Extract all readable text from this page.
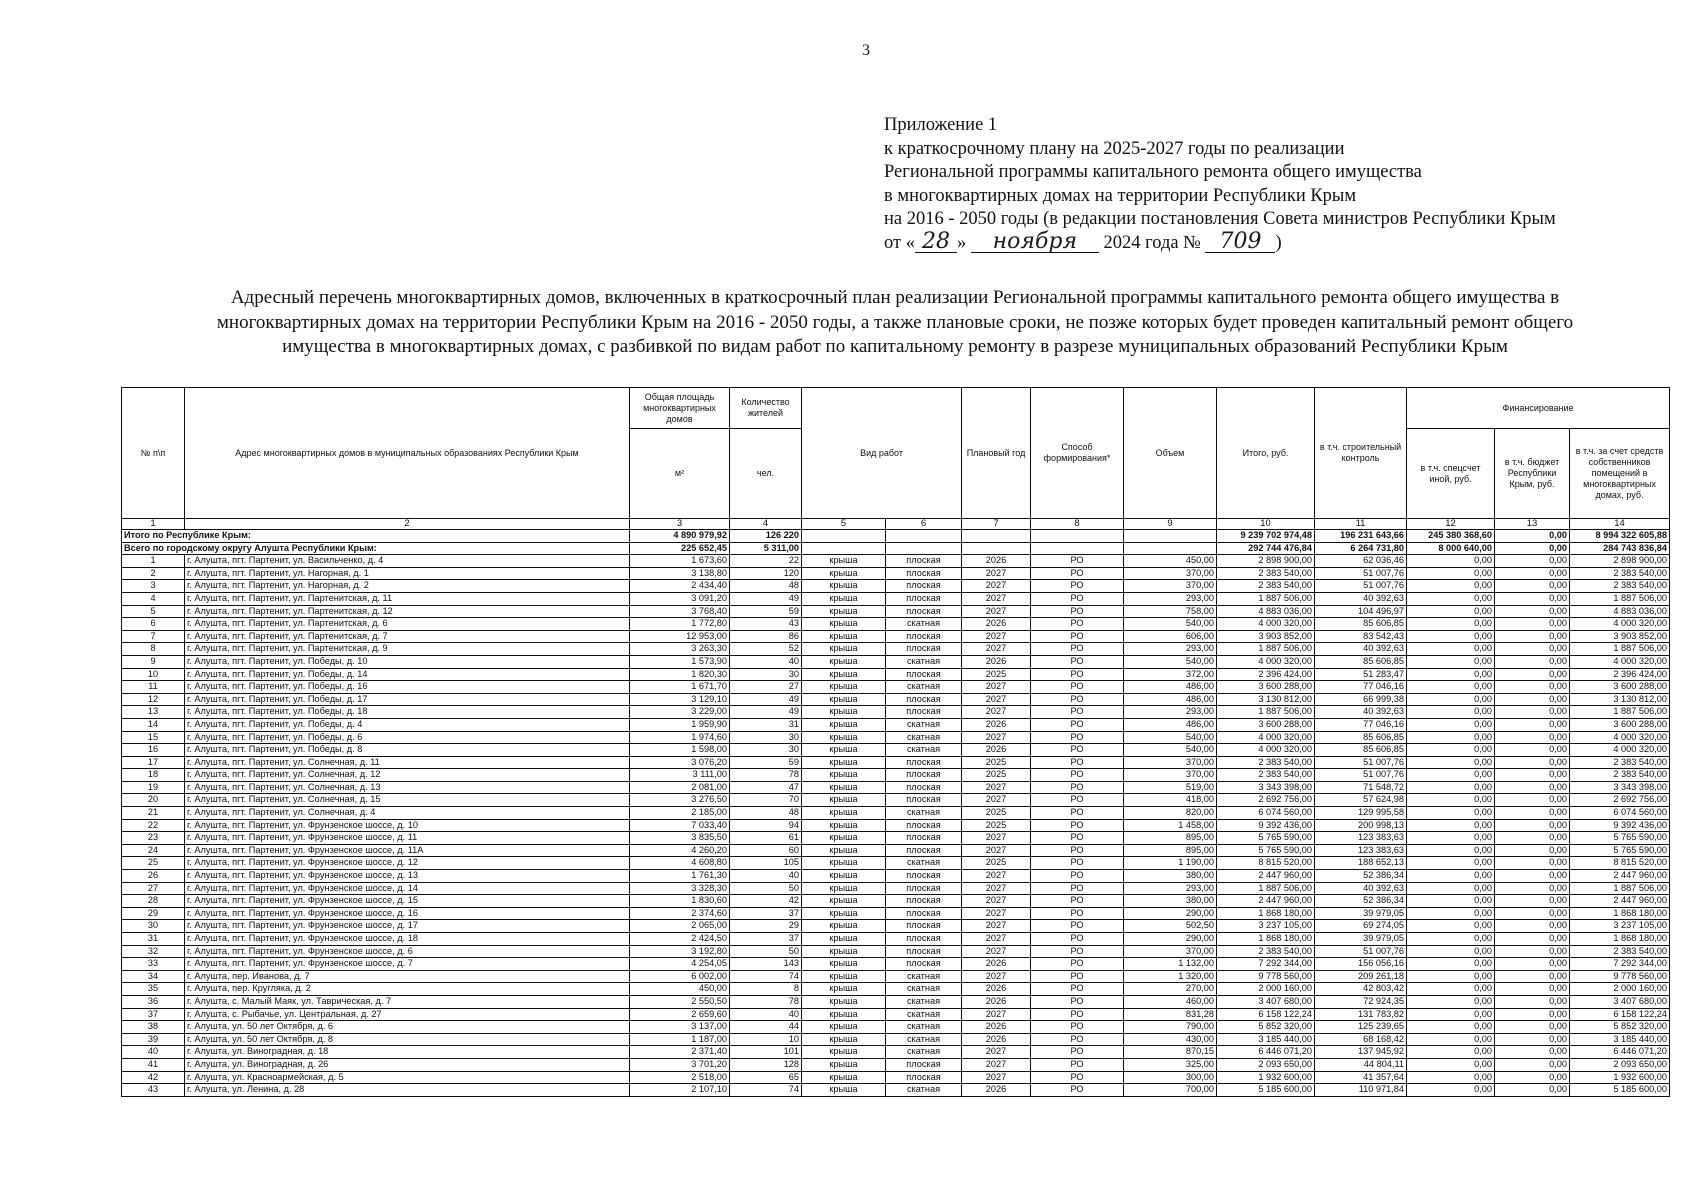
3
Приложение 1
к краткосрочному плану на 2025-2027 годы по реализации
Региональной программы капитального ремонта общего имущества
в многоквартирных домах на территории Республики Крым
на 2016 - 2050 годы (в редакции постановления Совета министров Республики Крым
от « 28 » ноября 2024 года № 709 )
Адресный перечень многоквартирных домов, включенных в краткосрочный план реализации Региональной программы капитального ремонта общего имущества в
многоквартирных домах на территории Республики Крым на 2016 - 2050 годы, а также плановые сроки, не позже которых будет проведен капитальный ремонт общего
имущества в многоквартирных домах, с разбивкой по видам работ по капитальному ремонту в разрезе муниципальных образований Республики Крым
№ п\п	Адрес многоквартирных домов в муниципальных образованиях Республики Крым	Общая площадь многоквартирных домов	Количество жителей	Вид работ		Плановый год	Способ формирования*	Объем	Итого, руб.	в т.ч. строительный контроль	Финансирование		
		м²	чел.								в т.ч. спецсчет иной, руб.	в т.ч. бюджет Республики Крым, руб.	в т.ч. за счет средств собственников помещений в многоквартирных домах, руб.
1	2	3	4	5	6	7	8	9	10	11	12	13	14
Итого по Республике Крым:		4 890 979,92	126 220						9 239 702 974,48	196 231 643,66	245 380 368,60	0,00	8 994 322 605,88
Всего по городскому округу Алушта Республики Крым:		225 652,45	5 311,00						292 744 476,84	6 264 731,80	8 000 640,00	0,00	284 743 836,84
1	г. Алушта, пгт. Партенит, ул. Васильченко, д. 4	1 673,60	22	крыша	плоская	2026	РО	450,00	2 898 900,00	62 036,46	0,00	0,00	2 898 900,00
2	г. Алушта, пгт. Партенит, ул. Нагорная, д. 1	3 138,80	120	крыша	плоская	2027	РО	370,00	2 383 540,00	51 007,76	0,00	0,00	2 383 540,00
3	г. Алушта, пгт. Партенит, ул. Нагорная, д. 2	2 434,40	48	крыша	плоская	2027	РО	370,00	2 383 540,00	51 007,76	0,00	0,00	2 383 540,00
4	г. Алушта, пгт. Партенит, ул. Партенитская, д. 11	3 091,20	49	крыша	плоская	2027	РО	293,00	1 887 506,00	40 392,63	0,00	0,00	1 887 506,00
5	г. Алушта, пгт. Партенит, ул. Партенитская, д. 12	3 768,40	59	крыша	плоская	2027	РО	758,00	4 883 036,00	104 496,97	0,00	0,00	4 883 036,00
6	г. Алушта, пгт. Партенит, ул. Партенитская, д. 6	1 772,80	43	крыша	скатная	2026	РО	540,00	4 000 320,00	85 606,85	0,00	0,00	4 000 320,00
7	г. Алушта, пгт. Партенит, ул. Партенитская, д. 7	12 953,00	86	крыша	плоская	2027	РО	606,00	3 903 852,00	83 542,43	0,00	0,00	3 903 852,00
8	г. Алушта, пгт. Партенит, ул. Партенитская, д. 9	3 263,30	52	крыша	плоская	2027	РО	293,00	1 887 506,00	40 392,63	0,00	0,00	1 887 506,00
9	г. Алушта, пгт. Партенит, ул. Победы, д. 10	1 573,90	40	крыша	скатная	2026	РО	540,00	4 000 320,00	85 606,85	0,00	0,00	4 000 320,00
10	г. Алушта, пгт. Партенит, ул. Победы, д. 14	1 820,30	30	крыша	плоская	2025	РО	372,00	2 396 424,00	51 283,47	0,00	0,00	2 396 424,00
11	г. Алушта, пгт. Партенит, ул. Победы, д. 16	1 671,70	27	крыша	скатная	2027	РО	486,00	3 600 288,00	77 046,16	0,00	0,00	3 600 288,00
12	г. Алушта, пгт. Партенит, ул. Победы, д. 17	3 129,10	49	крыша	плоская	2027	РО	486,00	3 130 812,00	66 999,38	0,00	0,00	3 130 812,00
13	г. Алушта, пгт. Партенит, ул. Победы, д. 18	3 229,00	49	крыша	плоская	2027	РО	293,00	1 887 506,00	40 392,63	0,00	0,00	1 887 506,00
14	г. Алушта, пгт. Партенит, ул. Победы, д. 4	1 959,90	31	крыша	скатная	2026	РО	486,00	3 600 288,00	77 046,16	0,00	0,00	3 600 288,00
15	г. Алушта, пгт. Партенит, ул. Победы, д. 6	1 974,60	30	крыша	скатная	2027	РО	540,00	4 000 320,00	85 606,85	0,00	0,00	4 000 320,00
16	г. Алушта, пгт. Партенит, ул. Победы, д. 8	1 598,00	30	крыша	скатная	2026	РО	540,00	4 000 320,00	85 606,85	0,00	0,00	4 000 320,00
17	г. Алушта, пгт. Партенит, ул. Солнечная, д. 11	3 076,20	59	крыша	плоская	2025	РО	370,00	2 383 540,00	51 007,76	0,00	0,00	2 383 540,00
18	г. Алушта, пгт. Партенит, ул. Солнечная, д. 12	3 111,00	78	крыша	плоская	2025	РО	370,00	2 383 540,00	51 007,76	0,00	0,00	2 383 540,00
19	г. Алушта, пгт. Партенит, ул. Солнечная, д. 13	2 081,00	47	крыша	плоская	2027	РО	519,00	3 343 398,00	71 548,72	0,00	0,00	3 343 398,00
20	г. Алушта, пгт. Партенит, ул. Солнечная, д. 15	3 276,50	70	крыша	плоская	2027	РО	418,00	2 692 756,00	57 624,98	0,00	0,00	2 692 756,00
21	г. Алушта, пгт. Партенит, ул. Солнечная, д. 4	2 185,00	48	крыша	скатная	2025	РО	820,00	6 074 560,00	129 995,58	0,00	0,00	6 074 560,00
22	г. Алушта, пгт. Партенит, ул. Фрунзенское шоссе, д. 10	7 033,40	94	крыша	плоская	2025	РО	1 458,00	9 392 436,00	200 998,13	0,00	0,00	9 392 436,00
23	г. Алушта, пгт. Партенит, ул. Фрунзенское шоссе, д. 11	3 835,50	61	крыша	плоская	2027	РО	895,00	5 765 590,00	123 383,63	0,00	0,00	5 765 590,00
24	г. Алушта, пгт. Партенит, ул. Фрунзенское шоссе, д. 11А	4 260,20	60	крыша	плоская	2027	РО	895,00	5 765 590,00	123 383,63	0,00	0,00	5 765 590,00
25	г. Алушта, пгт. Партенит, ул. Фрунзенское шоссе, д. 12	4 608,80	105	крыша	скатная	2025	РО	1 190,00	8 815 520,00	188 652,13	0,00	0,00	8 815 520,00
26	г. Алушта, пгт. Партенит, ул. Фрунзенское шоссе, д. 13	1 761,30	40	крыша	плоская	2027	РО	380,00	2 447 960,00	52 386,34	0,00	0,00	2 447 960,00
27	г. Алушта, пгт. Партенит, ул. Фрунзенское шоссе, д. 14	3 328,30	50	крыша	плоская	2027	РО	293,00	1 887 506,00	40 392,63	0,00	0,00	1 887 506,00
28	г. Алушта, пгт. Партенит, ул. Фрунзенское шоссе, д. 15	1 830,60	42	крыша	плоская	2027	РО	380,00	2 447 960,00	52 386,34	0,00	0,00	2 447 960,00
29	г. Алушта, пгт. Партенит, ул. Фрунзенское шоссе, д. 16	2 374,60	37	крыша	плоская	2027	РО	290,00	1 868 180,00	39 979,05	0,00	0,00	1 868 180,00
30	г. Алушта, пгт. Партенит, ул. Фрунзенское шоссе, д. 17	2 065,00	29	крыша	плоская	2027	РО	502,50	3 237 105,00	69 274,05	0,00	0,00	3 237 105,00
31	г. Алушта, пгт. Партенит, ул. Фрунзенское шоссе, д. 18	2 424,50	37	крыша	плоская	2027	РО	290,00	1 868 180,00	39 979,05	0,00	0,00	1 868 180,00
32	г. Алушта, пгт. Партенит, ул. Фрунзенское шоссе, д. 6	3 192,80	50	крыша	плоская	2027	РО	370,00	2 383 540,00	51 007,76	0,00	0,00	2 383 540,00
33	г. Алушта, пгт. Партенит, ул. Фрунзенское шоссе, д. 7	4 254,05	143	крыша	плоская	2026	РО	1 132,00	7 292 344,00	156 056,16	0,00	0,00	7 292 344,00
34	г. Алушта, пер. Иванова, д. 7	6 002,00	74	крыша	скатная	2027	РО	1 320,00	9 778 560,00	209 261,18	0,00	0,00	9 778 560,00
35	г. Алушта, пер. Кругляка, д. 2	450,00	8	крыша	скатная	2026	РО	270,00	2 000 160,00	42 803,42	0,00	0,00	2 000 160,00
36	г. Алушта, с. Малый Маяк, ул. Таврическая, д. 7	2 550,50	78	крыша	скатная	2026	РО	460,00	3 407 680,00	72 924,35	0,00	0,00	3 407 680,00
37	г. Алушта, с. Рыбачье, ул. Центральная, д. 27	2 659,60	40	крыша	скатная	2027	РО	831,28	6 158 122,24	131 783,82	0,00	0,00	6 158 122,24
38	г. Алушта, ул. 50 лет Октября, д. 6	3 137,00	44	крыша	скатная	2026	РО	790,00	5 852 320,00	125 239,65	0,00	0,00	5 852 320,00
39	г. Алушта, ул. 50 лет Октября, д. 8	1 187,00	10	крыша	скатная	2026	РО	430,00	3 185 440,00	68 168,42	0,00	0,00	3 185 440,00
40	г. Алушта, ул. Виноградная, д. 18	2 371,40	101	крыша	скатная	2027	РО	870,15	6 446 071,20	137 945,92	0,00	0,00	6 446 071,20
41	г. Алушта, ул. Виноградная, д. 26	3 701,20	128	крыша	плоская	2027	РО	325,00	2 093 650,00	44 804,11	0,00	0,00	2 093 650,00
42	г. Алушта, ул. Красноармейская, д. 5	2 518,00	65	крыша	плоская	2027	РО	300,00	1 932 600,00	41 357,64	0,00	0,00	1 932 600,00
43	г. Алушта, ул. Ленина, д. 28	2 107,10	74	крыша	скатная	2026	РО	700,00	5 185 600,00	110 971,84	0,00	0,00	5 185 600,00
